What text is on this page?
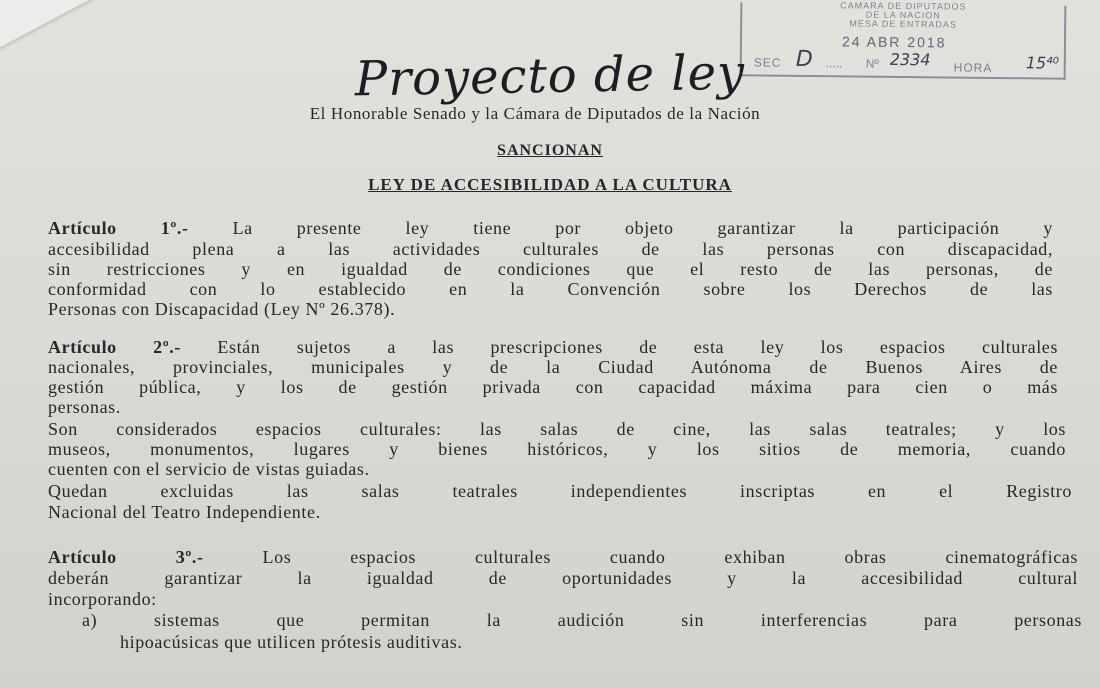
CAMARA DE DIPUTADOS
DE LA NACION
MESA DE ENTRADAS
24 ABR 2018
SEC D ..... Nº 2334 HORA 15⁴⁰
Proyecto de ley
El Honorable Senado y la Cámara de Diputados de la Nación
SANCIONAN
LEY DE ACCESIBILIDAD A LA CULTURA
Artículo 1º.- La presente ley tiene por objeto garantizar la participación y
accesibilidad plena a las actividades culturales de las personas con discapacidad,
sin restricciones y en igualdad de condiciones que el resto de las personas, de
conformidad con lo establecido en la Convención sobre los Derechos de las
Personas con Discapacidad (Ley Nº 26.378).
Artículo 2º.- Están sujetos a las prescripciones de esta ley los espacios culturales
nacionales, provinciales, municipales y de la Ciudad Autónoma de Buenos Aires de
gestión pública, y los de gestión privada con capacidad máxima para cien o más
personas.
Son considerados espacios culturales: las salas de cine, las salas teatrales; y los
museos, monumentos, lugares y bienes históricos, y los sitios de memoria, cuando
cuenten con el servicio de vistas guiadas.
Quedan excluidas las salas teatrales independientes inscriptas en el Registro
Nacional del Teatro Independiente.
Artículo 3º.- Los espacios culturales cuando exhiban obras cinematográficas
deberán garantizar la igualdad de oportunidades y la accesibilidad cultural
incorporando:
a) sistemas que permitan la audición sin interferencias para personas
hipoacúsicas que utilicen prótesis auditivas.
